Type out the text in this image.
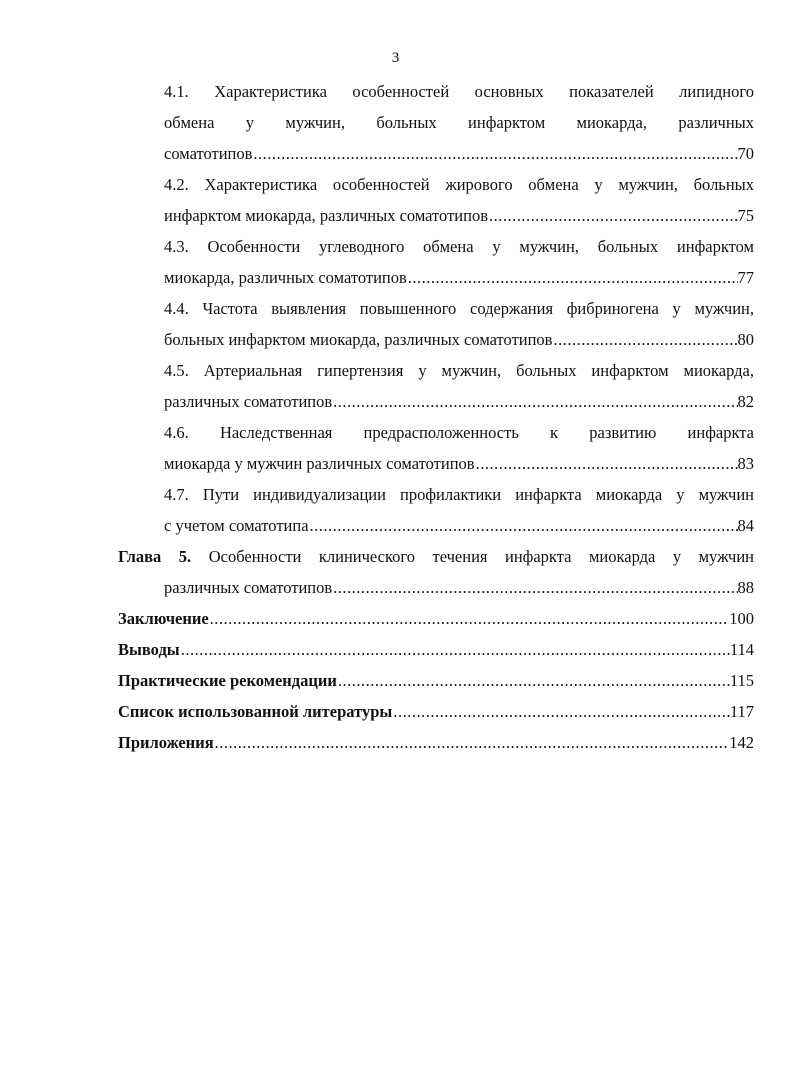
3
4.1. Характеристика особенностей основных показателей липидного
обмена у мужчин, больных инфарктом миокарда, различных
соматотипов .....	70
4.2. Характеристика особенностей жирового обмена у мужчин, больных
инфарктом миокарда, различных соматотипов .....	75
4.3. Особенности углеводного обмена у мужчин, больных инфарктом
миокарда, различных соматотипов .....	77
4.4. Частота выявления повышенного содержания фибриногена у мужчин,
больных инфарктом миокарда, различных соматотипов .....	80
4.5. Артериальная гипертензия у мужчин, больных инфарктом миокарда,
различных соматотипов .....	82
4.6. Наследственная предрасположенность к развитию инфаркта
миокарда у мужчин различных соматотипов .....	83
4.7. Пути индивидуализации профилактики инфаркта миокарда у мужчин
с учетом соматотипа .....	84
Глава 5. Особенности клинического течения инфаркта миокарда у мужчин
различных соматотипов .....	88
Заключение .....	100
Выводы .....	114
Практические рекомендации .....	115
Список использованной литературы .....	117
Приложения .....	142
